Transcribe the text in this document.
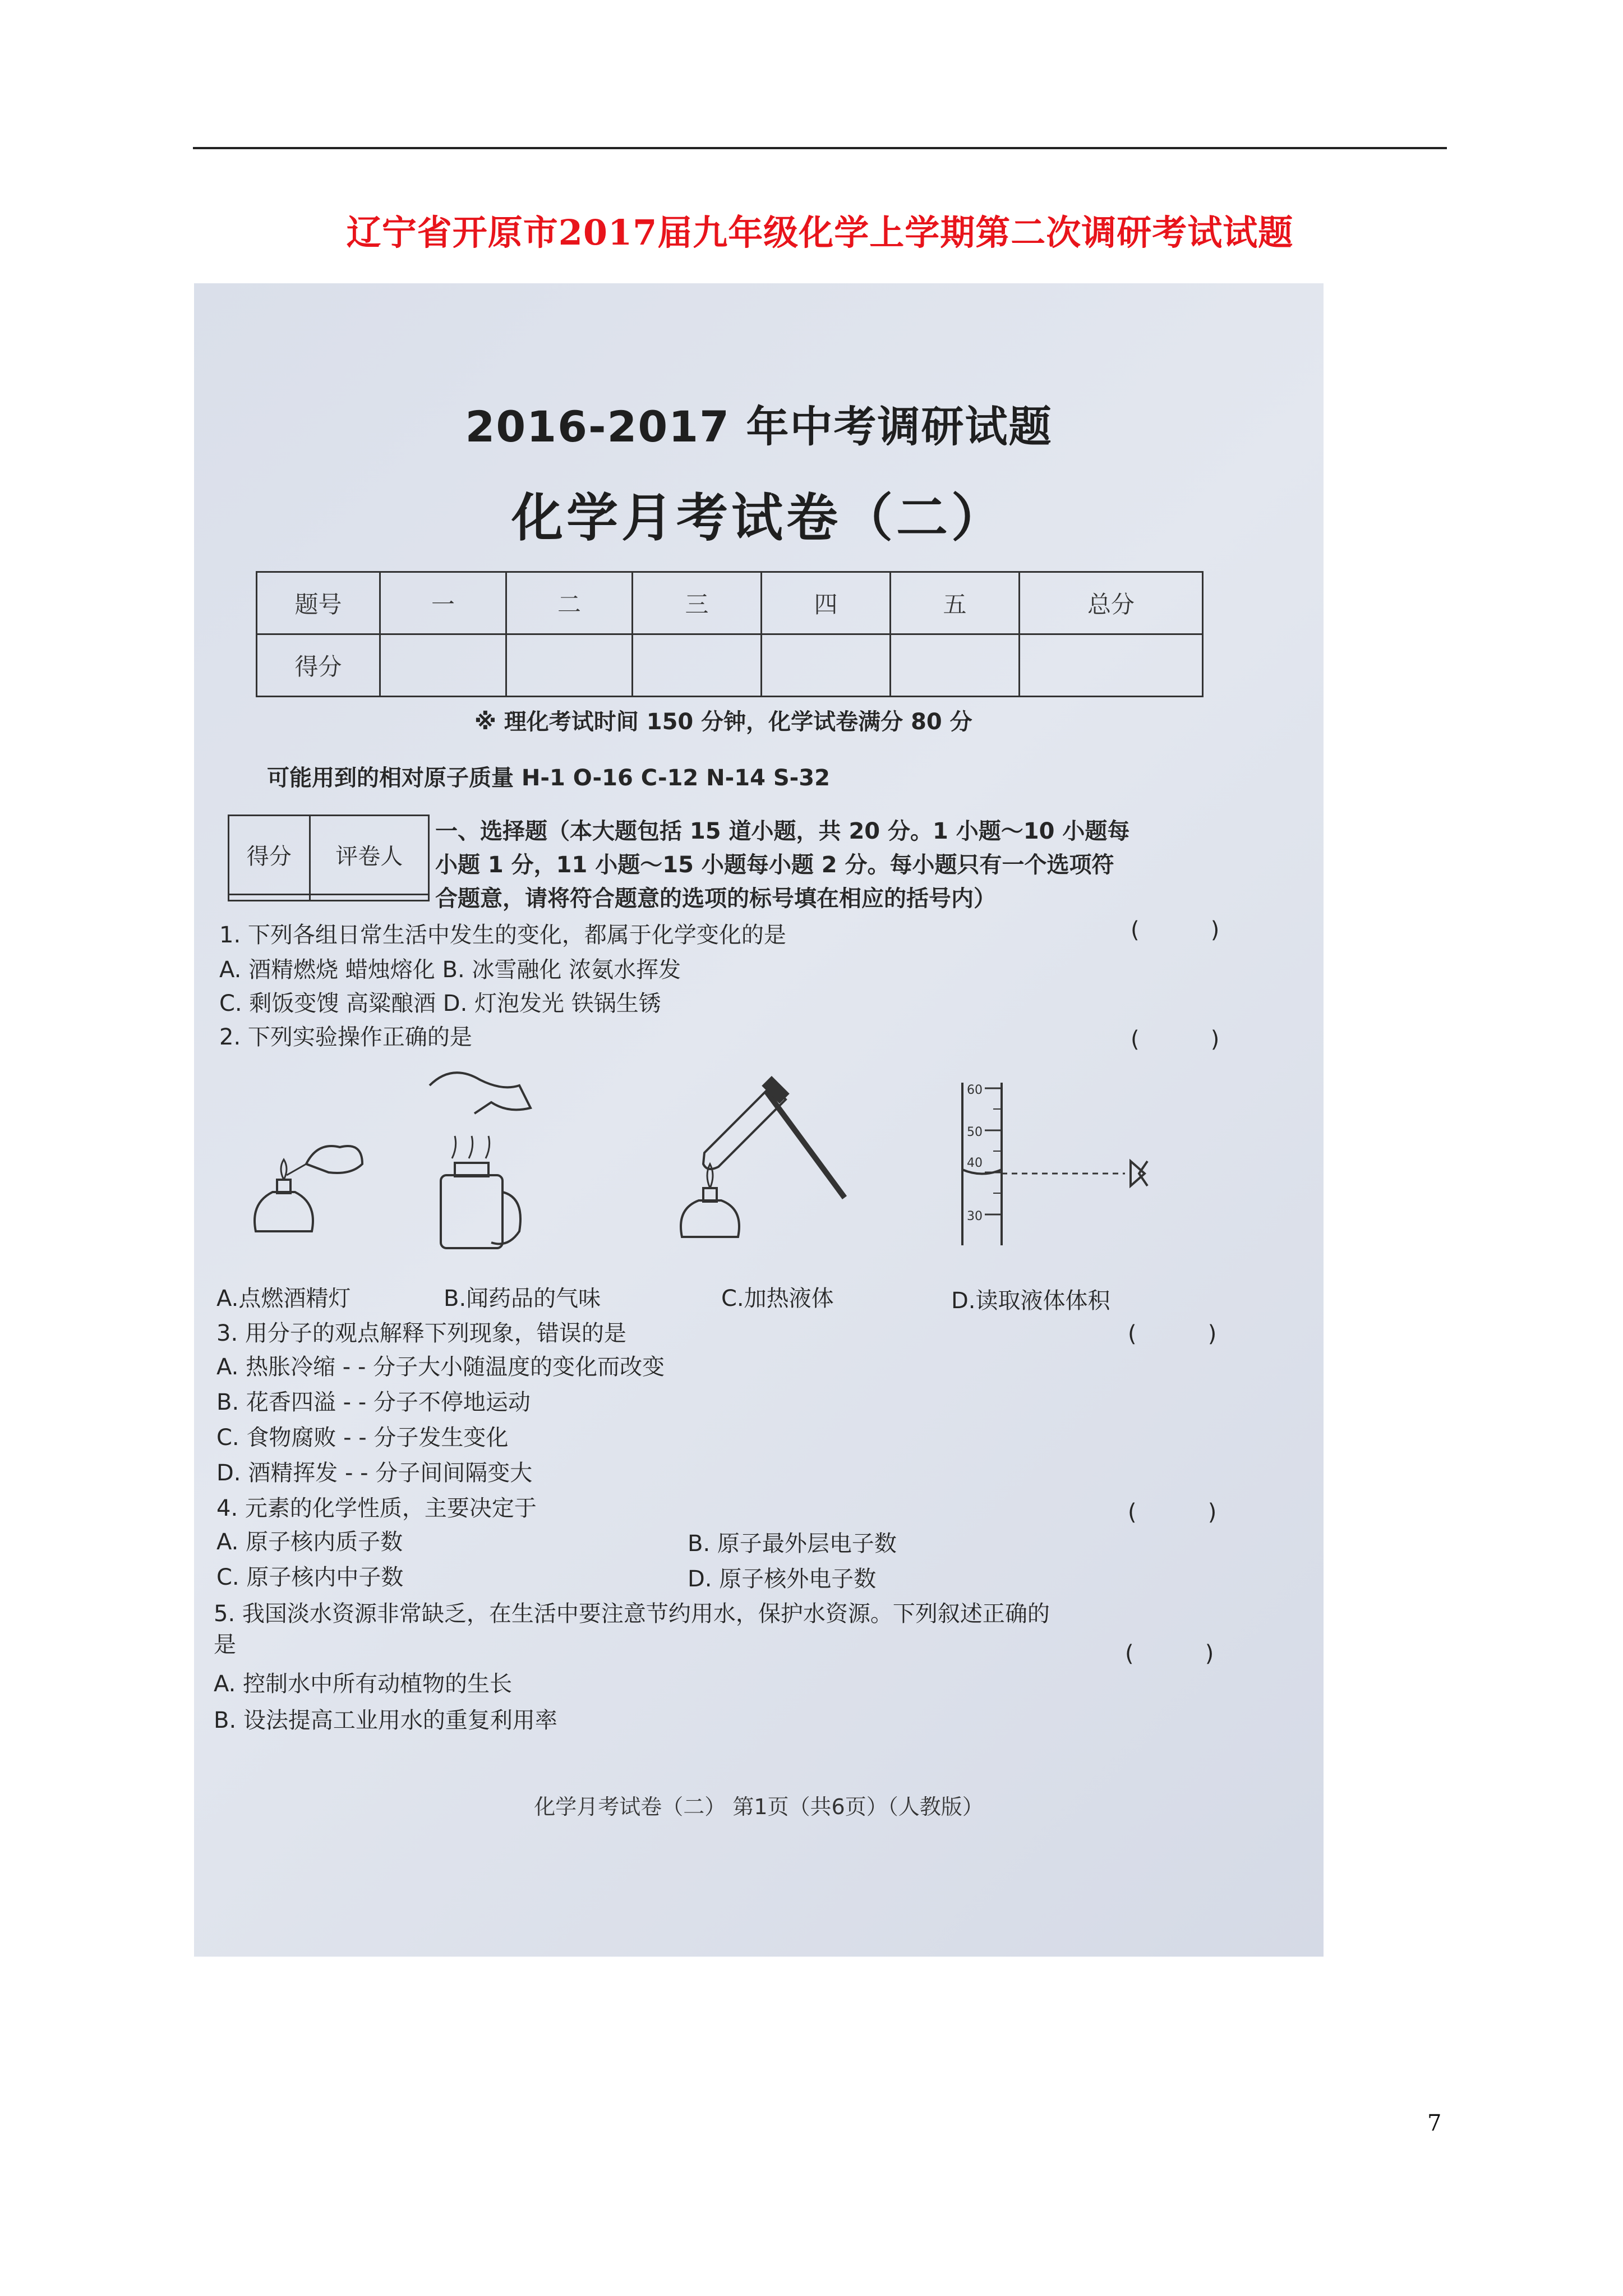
辽宁省开原市2017届九年级化学上学期第二次调研考试试题
2016-2017 年中考调研试题
化学月考试卷（二）
题号	一	二	三	四	五	总分
得分						
※ 理化考试时间 150 分钟，化学试卷满分 80 分
可能用到的相对原子质量 H-1 O-16 C-12 N-14 S-32
得分	评卷人

一、选择题（本大题包括 15 道小题，共 20 分。1 小题～10 小题每
小题 1 分，11 小题～15 小题每小题 2 分。每小题只有一个选项符
合题意，请将符合题意的选项的标号填在相应的括号内）
1. 下列各组日常生活中发生的变化，都属于化学变化的是	(          )
A. 酒精燃烧 蜡烛熔化 B. 冰雪融化 浓氨水挥发
C. 剩饭变馊 高粱酿酒 D. 灯泡发光 铁锅生锈
2. 下列实验操作正确的是	(          )
60
50
40
30
A.点燃酒精灯	B.闻药品的气味	C.加热液体	D.读取液体体积
3. 用分子的观点解释下列现象，错误的是	(          )
A. 热胀冷缩 - - 分子大小随温度的变化而改变
B. 花香四溢 - - 分子不停地运动
C. 食物腐败 - - 分子发生变化
D. 酒精挥发 - - 分子间间隔变大
4. 元素的化学性质，主要决定于	(          )
A. 原子核内质子数	B. 原子最外层电子数
C. 原子核内中子数	D. 原子核外电子数
5. 我国淡水资源非常缺乏，在生活中要注意节约用水，保护水资源。下列叙述正确的
是	(          )
A. 控制水中所有动植物的生长
B. 设法提高工业用水的重复利用率
化学月考试卷（二） 第1页（共6页）（人教版）
7
